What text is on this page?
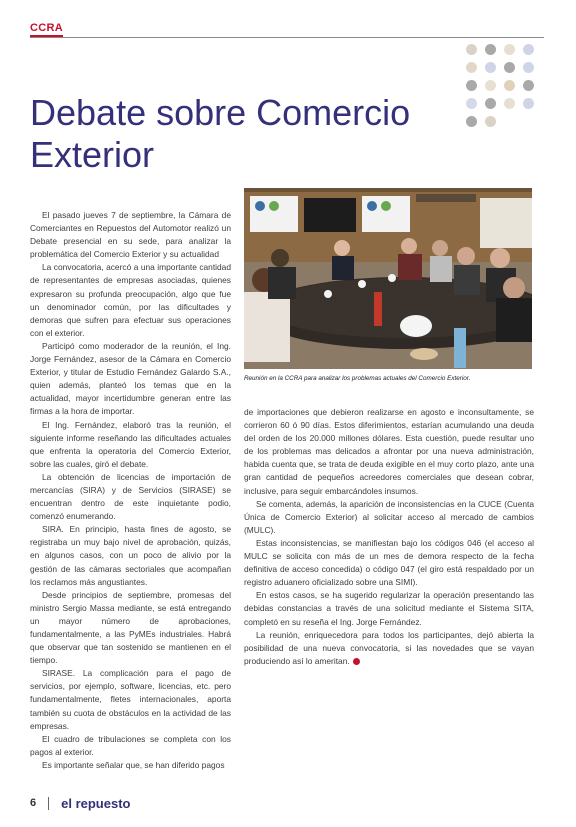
CCRA
Debate sobre Comercio Exterior
Reunión en la CCRA para analizar los problemas actuales del Comercio Exterior.

El pasado jueves 7 de septiembre, la Cámara de Comerciantes en Repuestos del Automotor realizó un Debate presencial en su sede, para analizar la problemática del Comercio Exterior y su actualidad

La convocatoria, acercó a una importante cantidad de representantes de empresas asociadas, quienes expresaron su profunda preocupación, algo que fue un denominador común, por las dificultades y demoras que sufren para efectuar sus operaciones con el exterior.

Participó como moderador de la reunión, el Ing. Jorge Fernández, asesor de la Cámara en Comercio Exterior, y titular de Estudio Fernández Galardo S.A., quien además, planteó los temas que en la actualidad, mayor incertidumbre generan entre las firmas a la hora de importar.

El Ing. Fernández, elaboró tras la reunión, el siguiente informe reseñando las dificultades actuales que enfrenta la operatoria del Comercio Exterior, sobre las cuales, giró el debate.

La obtención de licencias de importación de mercancías (SIRA) y de Servicios (SIRASE) se encuentran dentro de este inquietante podio, comenzó enumerando.

SIRA. En principio, hasta fines de agosto, se registraba un muy bajo nivel de aprobación, quizás, en algunos casos, con un poco de alivio por la gestión de las cámaras sectoriales que acompañan los reclamos más angustiantes.

Desde principios de septiembre, promesas del ministro Sergio Massa mediante, se está entregando un mayor número de aprobaciones, fundamentalmente, a las PyMEs industriales. Habrá que observar que tan sostenido se mantienen en el tiempo.

SIRASE. La complicación para el pago de servicios, por ejemplo, software, licencias, etc. pero fundamentalmente, fletes internacionales, aporta también su cuota de obstáculos en la actividad de las empresas.

El cuadro de tribulaciones se completa con los pagos al exterior.

Es importante señalar que, se han diferido pagos

de importaciones que debieron realizarse en agosto e inconsultamente, se corrieron 60 ó 90 días. Estos diferimientos, estarían acumulando una deuda del orden de los 20.000 millones dólares. Esta cuestión, puede resultar uno de los problemas mas delicados a afrontar por una nueva administración, habida cuenta que, se trata de deuda exigible en el muy corto plazo, ante una gran cantidad de pequeños acreedores comerciales que desean cobrar, inclusive, para seguir embarcándoles insumos.

Se comenta, además, la aparición de inconsistencias en la CUCE (Cuenta Única de Comercio Exterior) al solicitar acceso al mercado de cambios (MULC).

Estas inconsistencias, se manifiestan bajo los códigos 046 (el acceso al MULC se solicita con más de un mes de demora respecto de la fecha definitiva de acceso concedida) o código 047 (el giro está respaldado por un registro aduanero oficializado sobre una SIMI).

En estos casos, se ha sugerido regularizar la operación presentando las debidas constancias a través de una solicitud mediante el Sistema SITA, completó en su reseña el Ing. Jorge Fernández.

La reunión, enriquecedora para todos los participantes, dejó abierta la posibilidad de una nueva convocatoria, si las novedades que se vayan produciendo así lo ameritan.

6 el repuesto
